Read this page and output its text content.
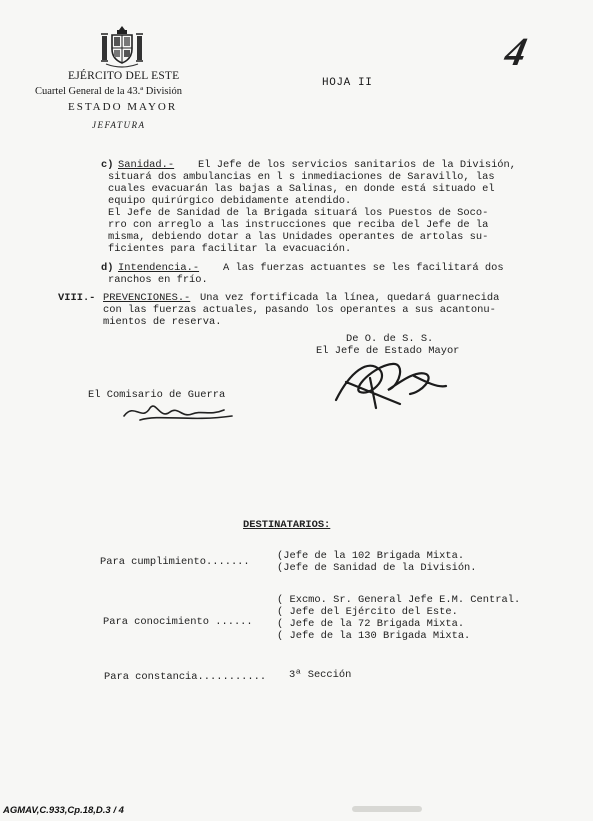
EJÉRCITO DEL ESTE
Cuartel General de la 43.ª División
ESTADO MAYOR
JEFATURA
HOJA II
4
c) Sanidad.- El Jefe de los servicios sanitarios de la División,
situará dos ambulancias en l s inmediaciones de Saravillo, las
cuales evacuarán las bajas a Salinas, en donde está situado el
equipo quirúrgico debidamente atendido.
El Jefe de Sanidad de la Brigada situará los Puestos de Soco-
rro con arreglo a las instrucciones que reciba del Jefe de la
misma, debiendo dotar a las Unidades operantes de artolas su-
ficientes para facilitar la evacuación.
d) Intendencia.- A las fuerzas actuantes se les facilitará dos
ranchos en frío.
VIII.- PREVENCIONES.- Una vez fortificada la línea, quedará guarnecida
con las fuerzas actuales, pasando los operantes a sus acantonu-
mientos de reserva.
De O. de S. S.
El Jefe de Estado Mayor
El Comisario de Guerra
DESTINATARIOS:
Para cumplimiento.......	(Jefe de la 102 Brigada Mixta.
(Jefe de Sanidad de la División.
Para conocimiento ......
( Excmo. Sr. General Jefe E.M. Central.
( Jefe del Ejército del Este.
( Jefe de la 72 Brigada Mixta.
( Jefe de la 130 Brigada Mixta.
Para constancia........... 3ª Sección
AGMAV,C.933,Cp.18,D.3 / 4
